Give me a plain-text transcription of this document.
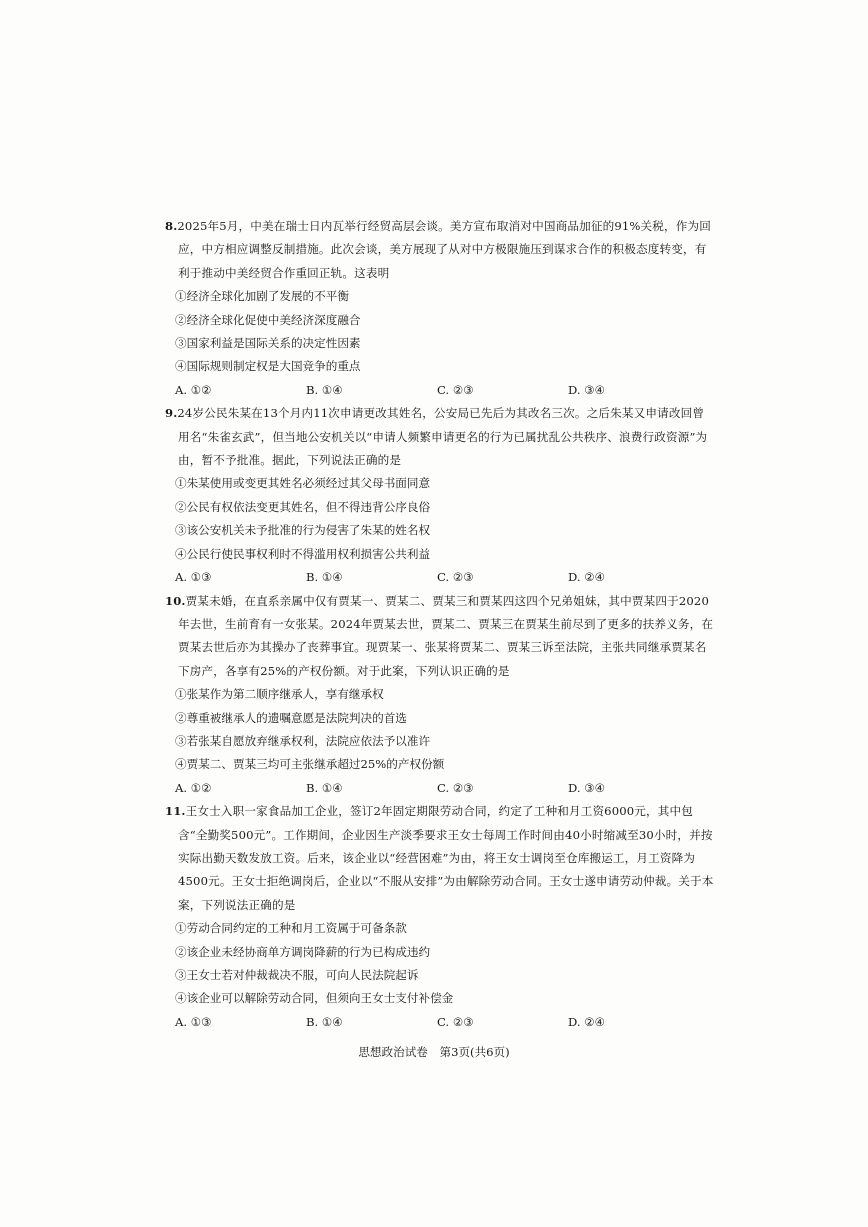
8.2025年5月，中美在瑞士日内瓦举行经贸高层会谈。美方宣布取消对中国商品加征的91%关税，作为回应，中方相应调整反制措施。此次会谈，美方展现了从对中方极限施压到谋求合作的积极态度转变，有利于推动中美经贸合作重回正轨。这表明

①经济全球化加剧了发展的不平衡

②经济全球化促使中美经济深度融合

③国家利益是国际关系的决定性因素

④国际规则制定权是大国竞争的重点

A. ①②	B. ①④	C. ②③	D. ③④

9.24岁公民朱某在13个月内11次申请更改其姓名，公安局已先后为其改名三次。之后朱某又申请改回曾用名“朱雀玄武”，但当地公安机关以“申请人频繁申请更名的行为已属扰乱公共秩序、浪费行政资源”为由，暂不予批准。据此，下列说法正确的是

①朱某使用或变更其姓名必须经过其父母书面同意

②公民有权依法变更其姓名，但不得违背公序良俗

③该公安机关未予批准的行为侵害了朱某的姓名权

④公民行使民事权利时不得滥用权利损害公共利益

A. ①③	B. ①④	C. ②③	D. ②④

10.贾某未婚，在直系亲属中仅有贾某一、贾某二、贾某三和贾某四这四个兄弟姐妹，其中贾某四于2020年去世，生前育有一女张某。2024年贾某去世，贾某二、贾某三在贾某生前尽到了更多的扶养义务，在贾某去世后亦为其操办了丧葬事宜。现贾某一、张某将贾某二、贾某三诉至法院，主张共同继承贾某名下房产，各享有25%的产权份额。对于此案，下列认识正确的是

①张某作为第二顺序继承人，享有继承权

②尊重被继承人的遗嘱意愿是法院判决的首选

③若张某自愿放弃继承权利，法院应依法予以准许

④贾某二、贾某三均可主张继承超过25%的产权份额

A. ①②	B. ①④	C. ②③	D. ③④

11.王女士入职一家食品加工企业，签订2年固定期限劳动合同，约定了工种和月工资6000元，其中包含“全勤奖500元”。工作期间，企业因生产淡季要求王女士每周工作时间由40小时缩减至30小时，并按实际出勤天数发放工资。后来，该企业以“经营困难”为由，将王女士调岗至仓库搬运工，月工资降为4500元。王女士拒绝调岗后，企业以“不服从安排”为由解除劳动合同。王女士遂申请劳动仲裁。关于本案，下列说法正确的是

①劳动合同约定的工种和月工资属于可备条款

②该企业未经协商单方调岗降薪的行为已构成违约

③王女士若对仲裁裁决不服，可向人民法院起诉

④该企业可以解除劳动合同，但须向王女士支付补偿金

A. ①③	B. ①④	C. ②③	D. ②④
思想政治试卷　第3页(共6页)
